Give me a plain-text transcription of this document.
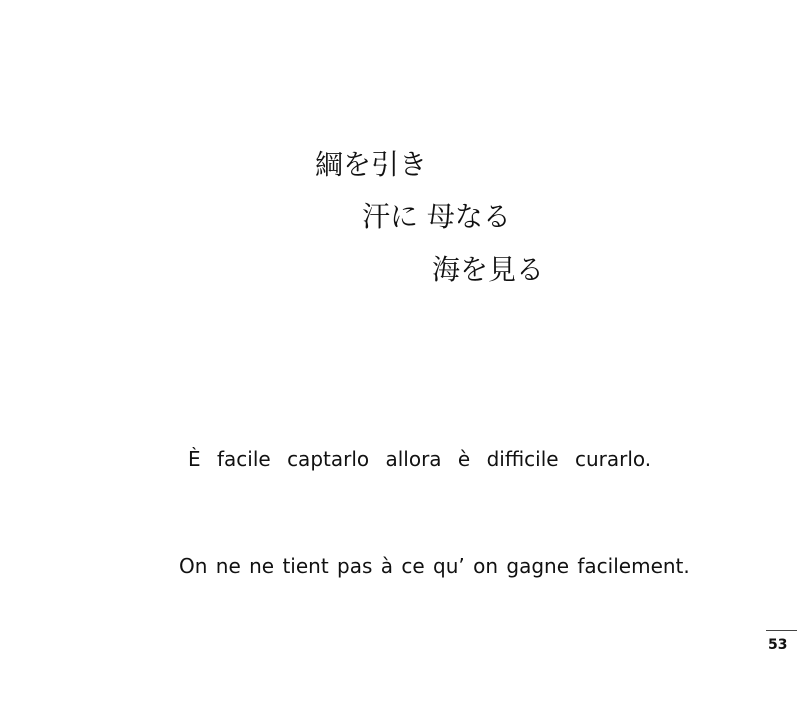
綱を引き
汗に 母なる
海を見る
È facile captarlo allora è difficile curarlo.
On ne ne tient pas à ce qu’ on gagne facilement.
53
